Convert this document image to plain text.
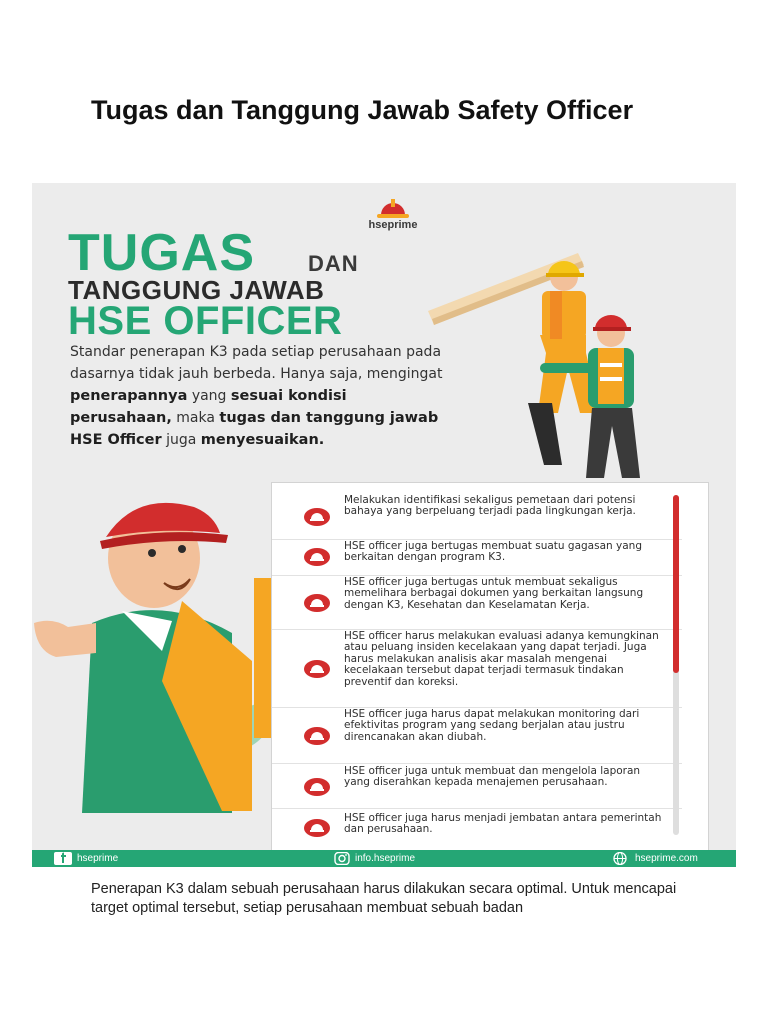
Tugas dan Tanggung Jawab Safety Officer
hseprime
TUGAS DAN
TANGGUNG JAWAB
HSE OFFICER

Standar penerapan K3 pada setiap perusahaan pada dasarnya tidak jauh berbeda. Hanya saja, mengingat penerapannya yang sesuai kondisi perusahaan, maka tugas dan tanggung jawab HSE Officer juga menyesuaikan.

Melakukan identifikasi sekaligus pemetaan dari potensi bahaya yang berpeluang terjadi pada lingkungan kerja.

HSE officer juga bertugas membuat suatu gagasan yang berkaitan dengan program K3.

HSE officer juga bertugas untuk membuat sekaligus memelihara berbagai dokumen yang berkaitan langsung dengan K3, Kesehatan dan Keselamatan Kerja.

HSE officer harus melakukan evaluasi adanya kemungkinan atau peluang insiden kecelakaan yang dapat terjadi. Juga harus melakukan analisis akar masalah mengenai kecelakaan tersebut dapat terjadi termasuk tindakan preventif dan koreksi.

HSE officer juga harus dapat melakukan monitoring dari efektivitas program yang sedang berjalan atau justru direncanakan akan diubah.

HSE officer juga untuk membuat dan mengelola laporan yang diserahkan kepada menajemen perusahaan.

HSE officer juga harus menjadi jembatan antara pemerintah dan perusahaan.

hseprime	info.hseprime	hseprime.com

Penerapan K3 dalam sebuah perusahaan harus dilakukan secara optimal. Untuk mencapai target optimal tersebut, setiap perusahaan membuat sebuah badan
